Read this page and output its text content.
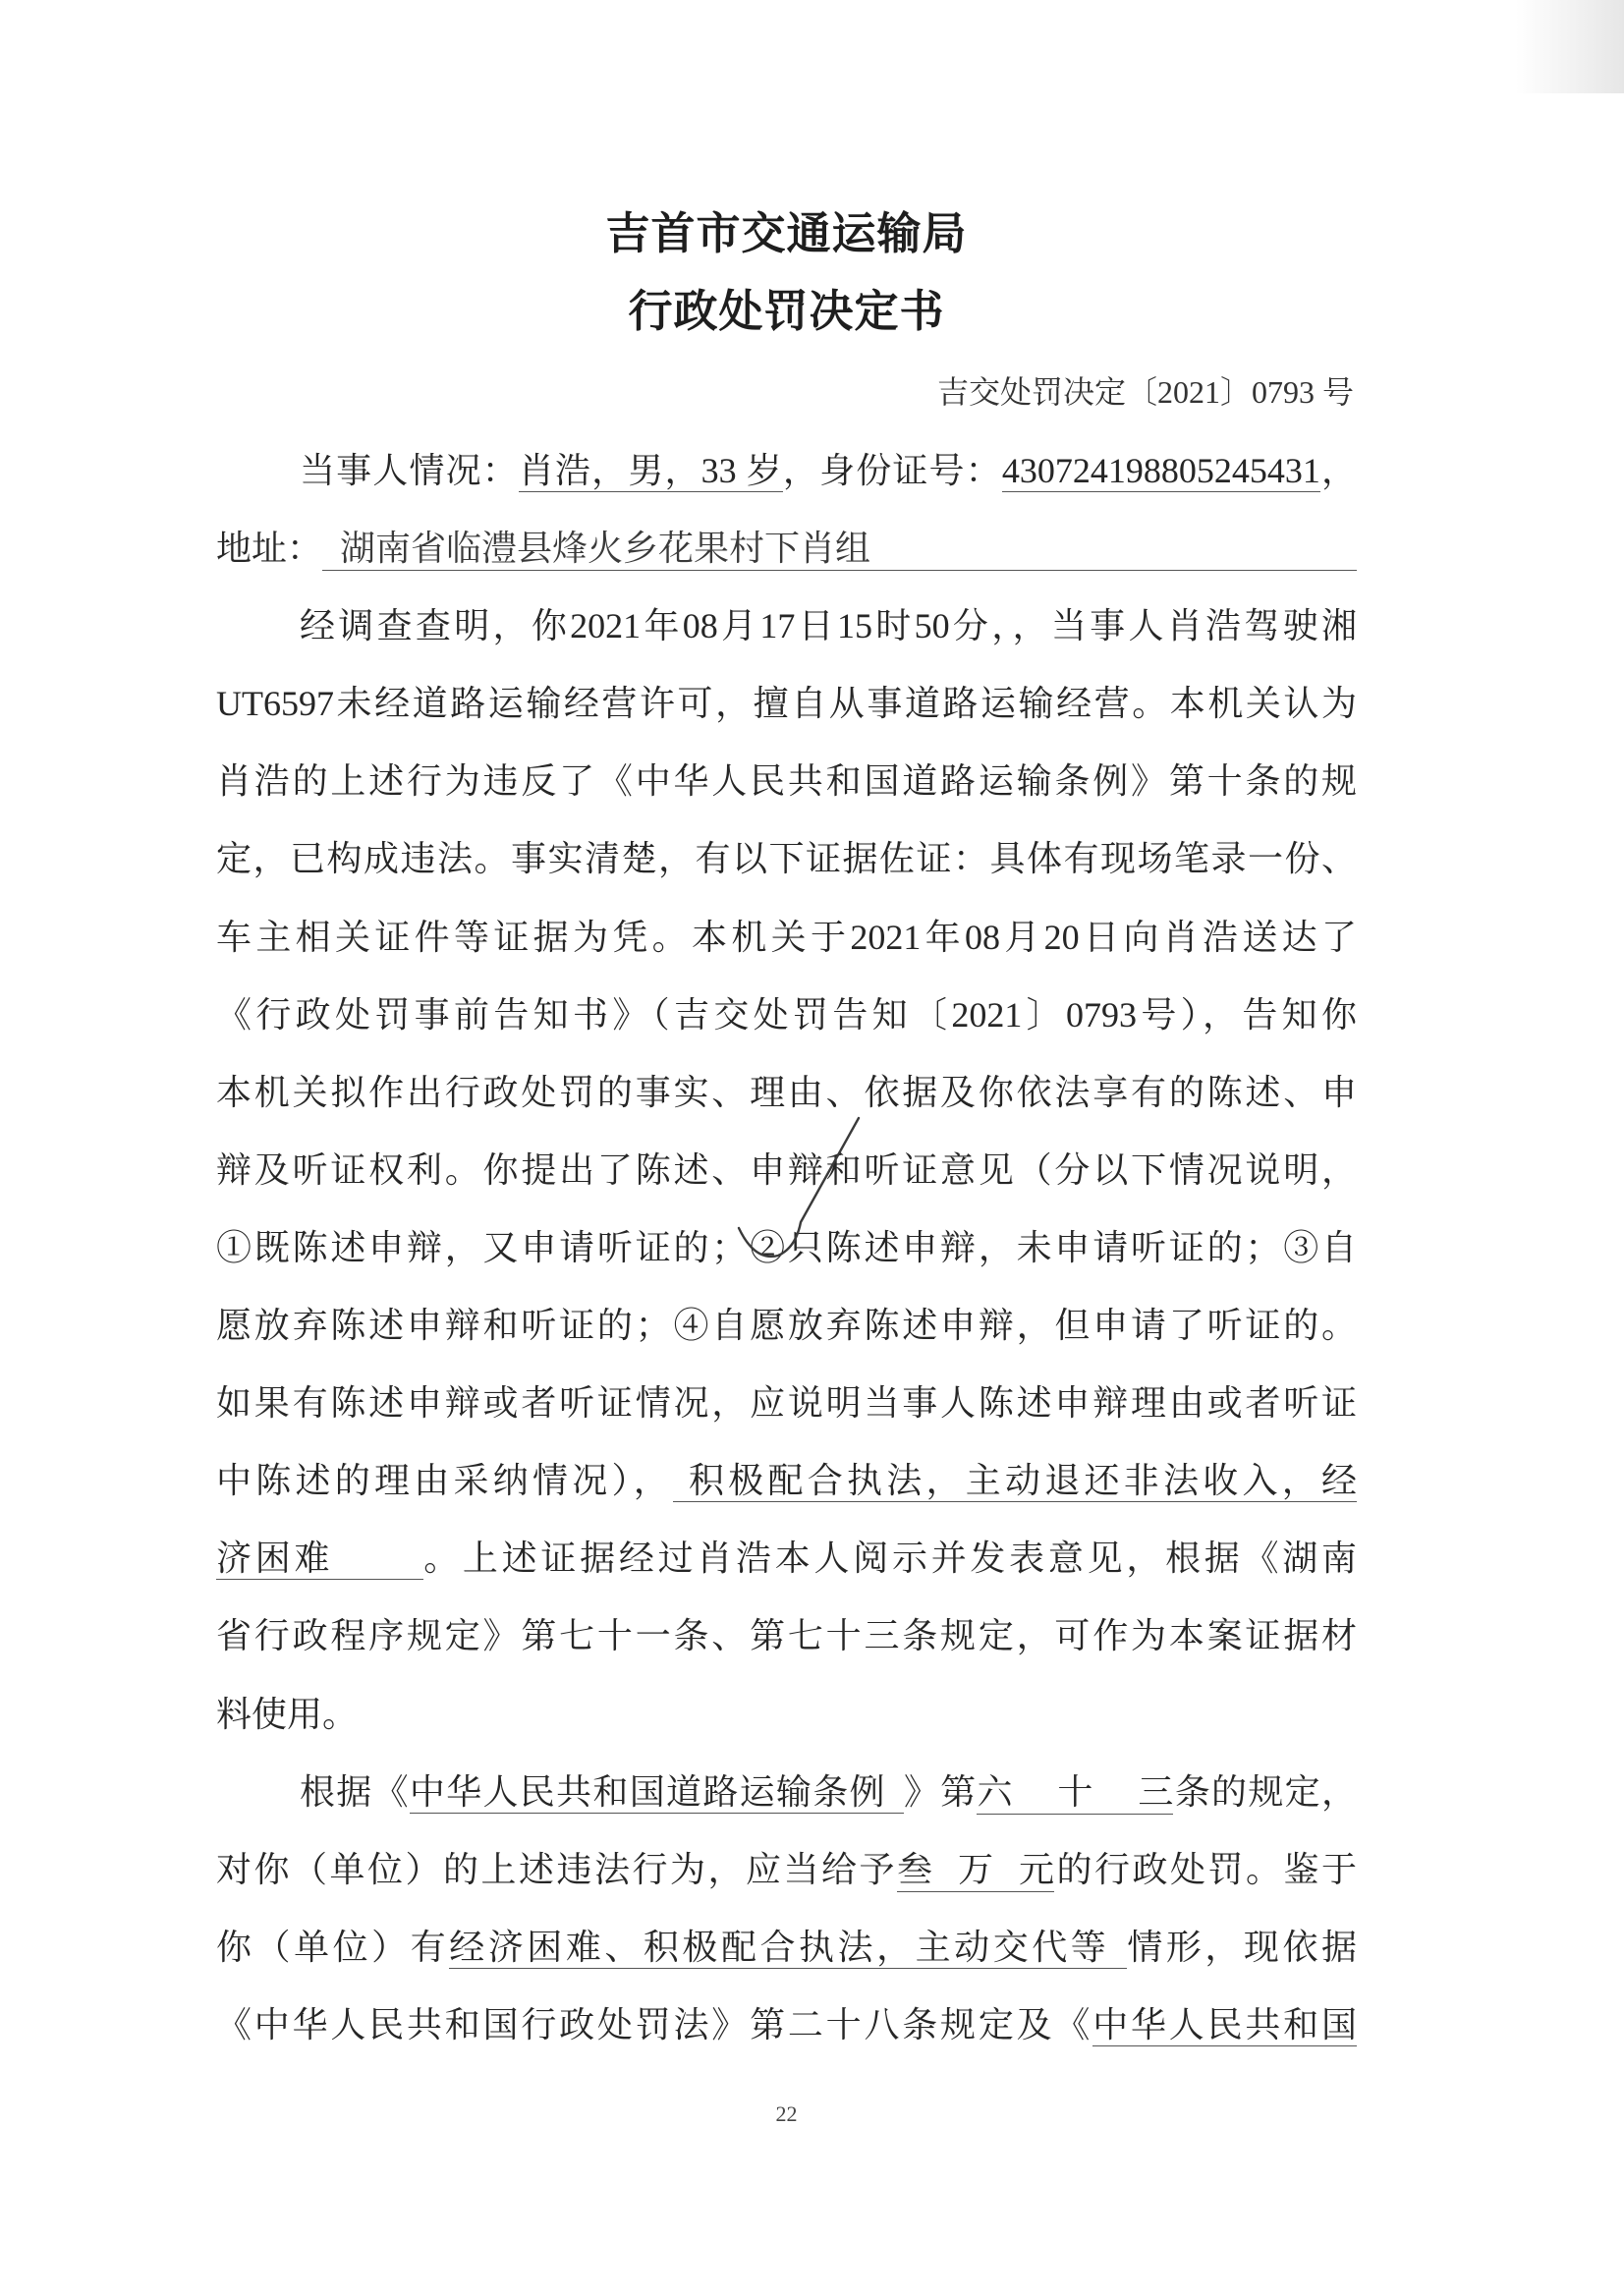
吉首市交通运输局
行政处罚决定书
吉交处罚决定〔2021〕0793 号
当事人情况：肖浩，男，33 岁，身份证号：430724198805245431，
地址： 湖南省临澧县烽火乡花果村下肖组
经调查查明，你2021年08月17日15时50分，，当事人肖浩驾驶湘
UT6597未经道路运输经营许可，擅自从事道路运输经营。本机关认为
肖浩的上述行为违反了《中华人民共和国道路运输条例》第十条的规
定，已构成违法。事实清楚，有以下证据佐证：具体有现场笔录一份、
车主相关证件等证据为凭。本机关于2021年08月20日向肖浩送达了
《行政处罚事前告知书》（吉交处罚告知〔2021〕0793号），告知你
本机关拟作出行政处罚的事实、理由、依据及你依法享有的陈述、申
辩及听证权利。你提出了陈述、申辩和听证意见（分以下情况说明，
①既陈述申辩，又申请听证的；②只陈述申辩，未申请听证的；③自
愿放弃陈述申辩和听证的；④自愿放弃陈述申辩，但申请了听证的。
如果有陈述申辩或者听证情况，应说明当事人陈述申辩理由或者听证
中陈述的理由采纳情况）， 积极配合执法，主动退还非法收入，经
济困难	。上述证据经过肖浩本人阅示并发表意见，根据《湖南
省行政程序规定》第七十一条、第七十三条规定，可作为本案证据材
料使用。
根据《中华人民共和国道路运输条例 》第六十三条的规定，
对你（单位）的上述违法行为，应当给予叁万元的行政处罚。鉴于
你（单位）有经济困难、积极配合执法，主动交代等 情形，现依据
《中华人民共和国行政处罚法》第二十八条规定及《中华人民共和国
22
